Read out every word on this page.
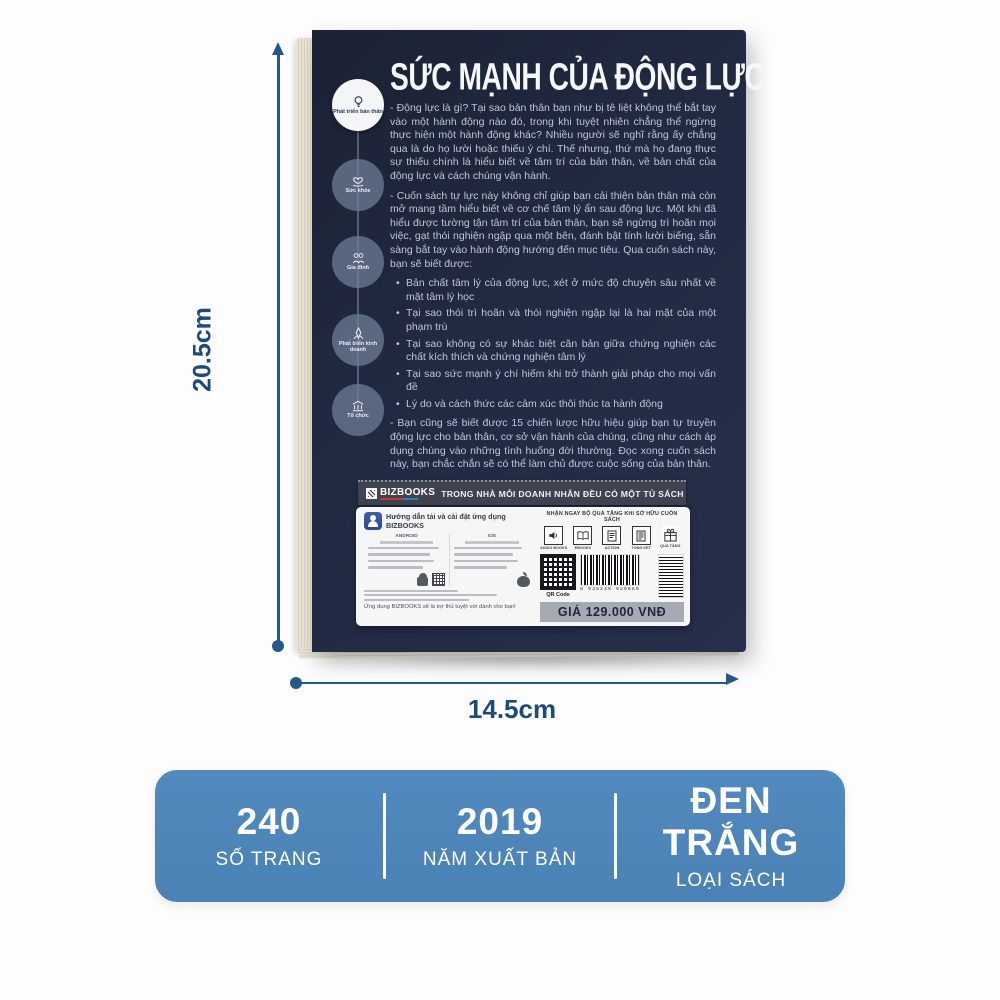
SỨC MẠNH CỦA ĐỘNG LỰC

- Động lực là gì? Tại sao bản thân bạn như bị tê liệt không thể bắt tay vào một hành động nào đó, trong khi tuyệt nhiên chẳng thể ngừng thực hiện một hành động khác? Nhiều người sẽ nghĩ rằng ấy chẳng qua là do họ lười hoặc thiếu ý chí. Thế nhưng, thứ mà họ đang thực sự thiếu chính là hiểu biết về tâm trí của bản thân, về bản chất của động lực và cách chúng vận hành.

- Cuốn sách tự lực này không chỉ giúp bạn cải thiện bản thân mà còn mở mang tầm hiểu biết về cơ chế tâm lý ẩn sau động lực. Một khi đã hiểu được tường tận tâm trí của bản thân, bạn sẽ ngừng trì hoãn mọi việc, gạt thói nghiện ngập qua một bên, đánh bật tính lười biếng, sẵn sàng bắt tay vào hành động hướng đến mục tiêu. Qua cuốn sách này, bạn sẽ biết được:

• Bản chất tâm lý của động lực, xét ở mức độ chuyên sâu nhất về mặt tâm lý học
• Tại sao thói trì hoãn và thói nghiện ngập lại là hai mặt của một phạm trù
• Tại sao không có sự khác biệt căn bản giữa chứng nghiện các chất kích thích và chứng nghiện tâm lý
• Tại sao sức mạnh ý chí hiếm khi trở thành giải pháp cho mọi vấn đề
• Lý do và cách thức các cảm xúc thôi thúc ta hành động

- Bạn cũng sẽ biết được 15 chiến lược hữu hiệu giúp bạn tự truyền động lực cho bản thân, cơ sở vận hành của chúng, cũng như cách áp dụng chúng vào những tình huống đời thường. Đọc xong cuốn sách này, bạn chắc chắn sẽ có thể làm chủ được cuộc sống của bản thân.

Phát triển bản thân
Sức khỏe
Gia đình
Phát triển kinh doanh
Tổ chức
BIZBOOKS TRONG NHÀ MỖI DOANH NHÂN ĐỀU CÓ MỘT TỦ SÁCH
Hướng dẫn tải và cài đặt ứng dụng BIZBOOKS
ANDROID	IOS
Ứng dụng BIZBOOKS sẽ là trợ thủ tuyệt vời dành cho bạn!
NHẬN NGAY BỘ QUÀ TẶNG KHI SỞ HỮU CUỐN SÁCH
AUDIO BOOKS	EBOOKS	ACTION	TỔNG KẾT	QUÀ TẶNG
QR Code
8 935246 925660
GIÁ 129.000 VNĐ
20.5cm
14.5cm
240
SỐ TRANG
2019
NĂM XUẤT BẢN
ĐEN TRẮNG
LOẠI SÁCH
